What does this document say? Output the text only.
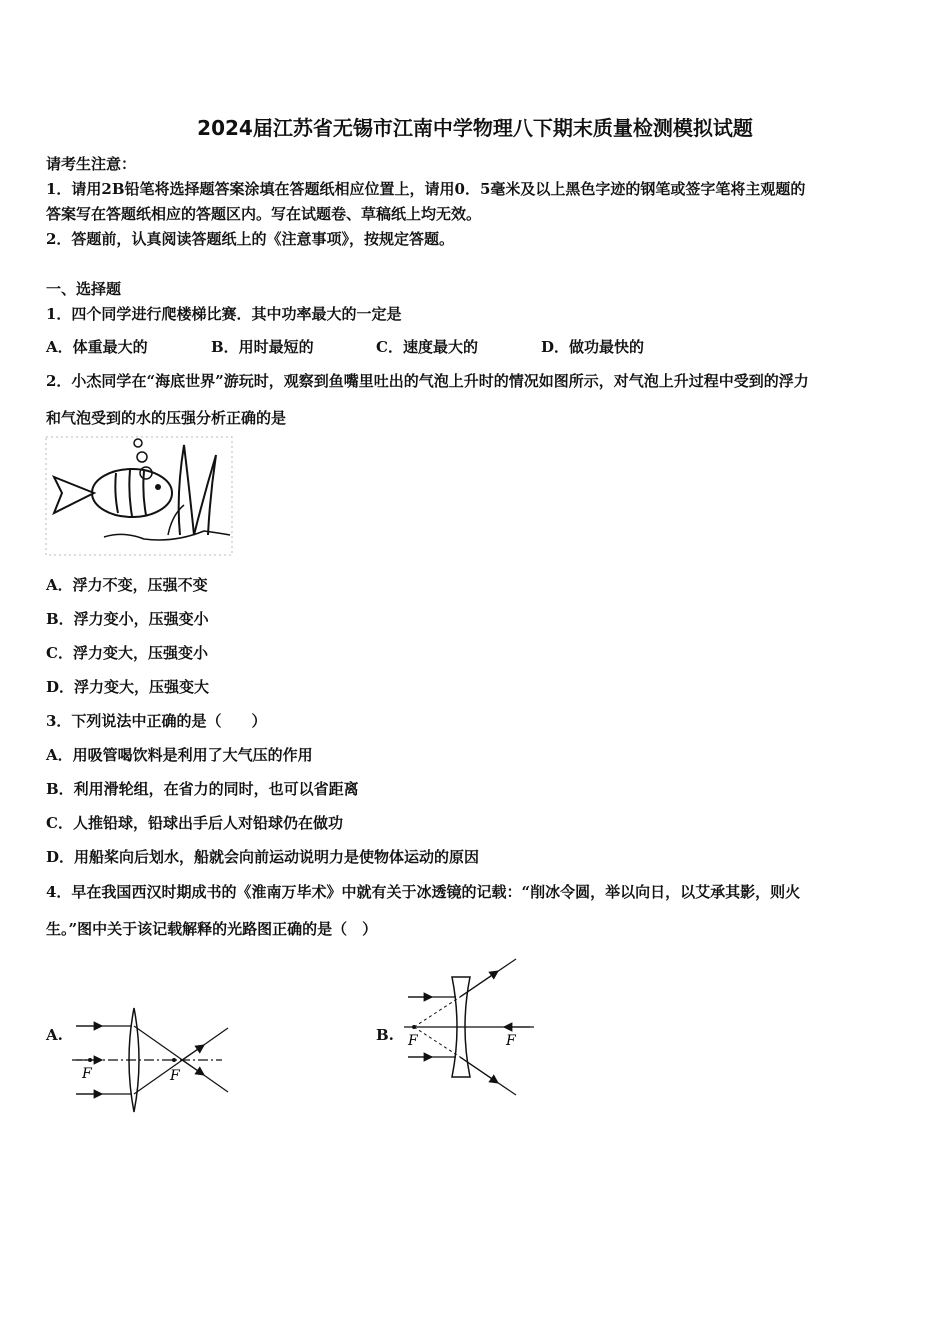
2024届江苏省无锡市江南中学物理八下期末质量检测模拟试题
请考生注意：
1．请用2B铅笔将选择题答案涂填在答题纸相应位置上，请用0．5毫米及以上黑色字迹的钢笔或签字笔将主观题的
答案写在答题纸相应的答题区内。写在试题卷、草稿纸上均无效。
2．答题前，认真阅读答题纸上的《注意事项》，按规定答题。
一、选择题
1．四个同学进行爬楼梯比赛．其中功率最大的一定是
A．体重最大的	B．用时最短的	C．速度最大的	D．做功最快的
2．小杰同学在“海底世界”游玩时，观察到鱼嘴里吐出的气泡上升时的情况如图所示，对气泡上升过程中受到的浮力
和气泡受到的水的压强分析正确的是
A．浮力不变，压强不变
B．浮力变小，压强变小
C．浮力变大，压强变小
D．浮力变大，压强变大
3．下列说法中正确的是（　　）
A．用吸管喝饮料是利用了大气压的作用
B．利用滑轮组，在省力的同时，也可以省距离
C．人推铅球，铅球出手后人对铅球仍在做功
D．用船桨向后划水，船就会向前运动说明力是使物体运动的原因
4．早在我国西汉时期成书的《淮南万毕术》中就有关于冰透镜的记载：“削冰令圆，举以向日，以艾承其影，则火
生。”图中关于该记载解释的光路图正确的是（　）
A.
F	F
B. F	F
